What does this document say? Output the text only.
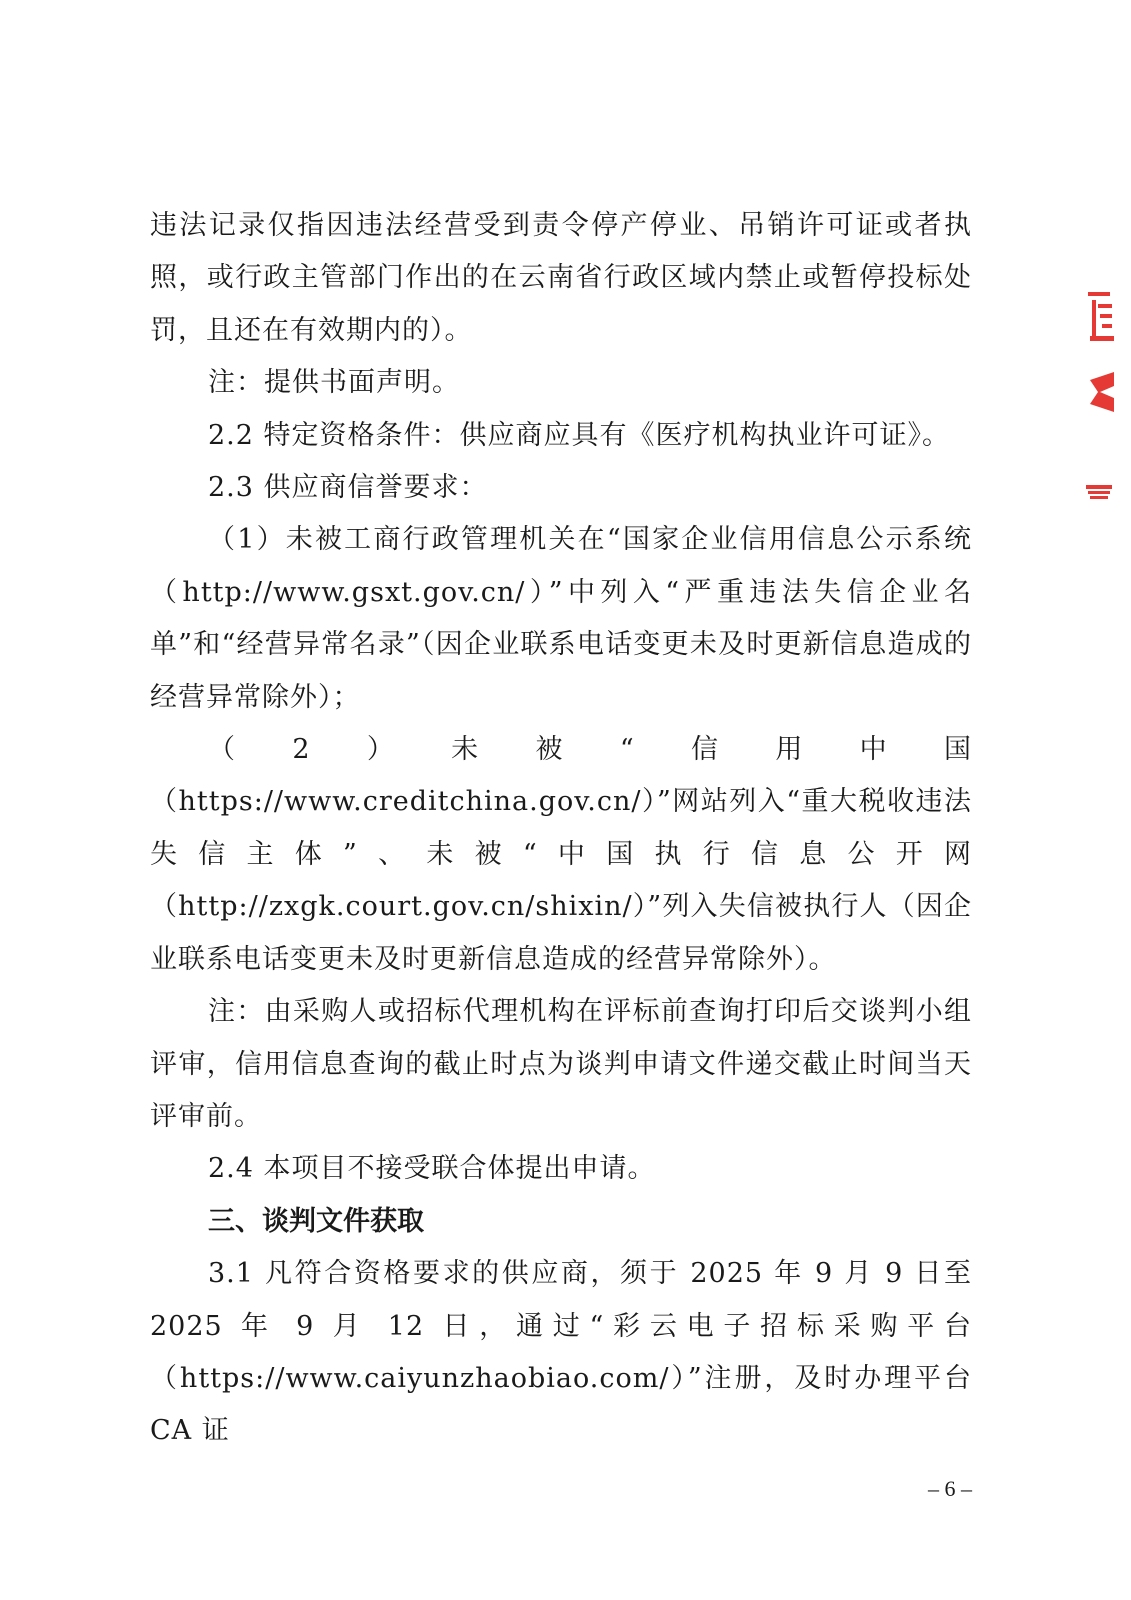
违法记录仅指因违法经营受到责令停产停业、吊销许可证或者执照，或行政主管部门作出的在云南省行政区域内禁止或暂停投标处罚，且还在有效期内的）。

注：提供书面声明。

2.2 特定资格条件：供应商应具有《医疗机构执业许可证》。

2.3 供应商信誉要求：

（1）未被工商行政管理机关在“国家企业信用信息公示系统（http://www.gsxt.gov.cn/）”中列入“严重违法失信企业名单”和“经营异常名录”（因企业联系电话变更未及时更新信息造成的经营异常除外）；

（2）未被“信用中国（https://www.creditchina.gov.cn/）”网站列入“重大税收违法失信主体”、未被“中国执行信息公开网（http://zxgk.court.gov.cn/shixin/）”列入失信被执行人（因企业联系电话变更未及时更新信息造成的经营异常除外）。

注：由采购人或招标代理机构在评标前查询打印后交谈判小组评审，信用信息查询的截止时点为谈判申请文件递交截止时间当天评审前。

2.4 本项目不接受联合体提出申请。

三、谈判文件获取

3.1 凡符合资格要求的供应商，须于 2025 年 9 月 9 日至 2025 年 9 月 12 日，通过“彩云电子招标采购平台（https://www.caiyunzhaobiao.com/）”注册，及时办理平台 CA 证

– 6 –
